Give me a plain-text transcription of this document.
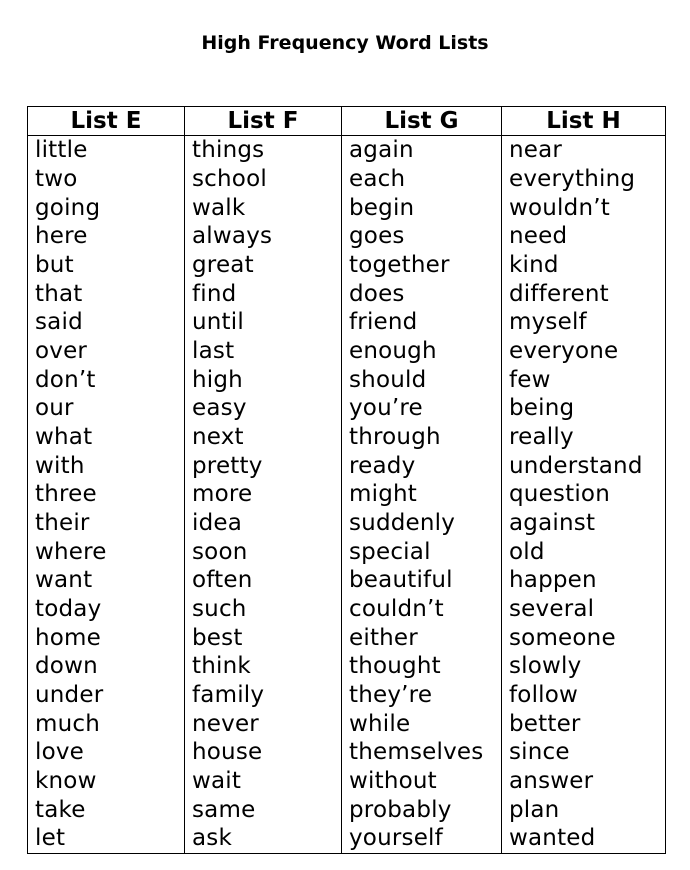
High Frequency Word Lists
List E	List F	List G	List H
little	things	again	near
two	school	each	everything
going	walk	begin	wouldn’t
here	always	goes	need
but	great	together	kind
that	find	does	different
said	until	friend	myself
over	last	enough	everyone
don’t	high	should	few
our	easy	you’re	being
what	next	through	really
with	pretty	ready	understand
three	more	might	question
their	idea	suddenly	against
where	soon	special	old
want	often	beautiful	happen
today	such	couldn’t	several
home	best	either	someone
down	think	thought	slowly
under	family	they’re	follow
much	never	while	better
love	house	themselves	since
know	wait	without	answer
take	same	probably	plan
let	ask	yourself	wanted
